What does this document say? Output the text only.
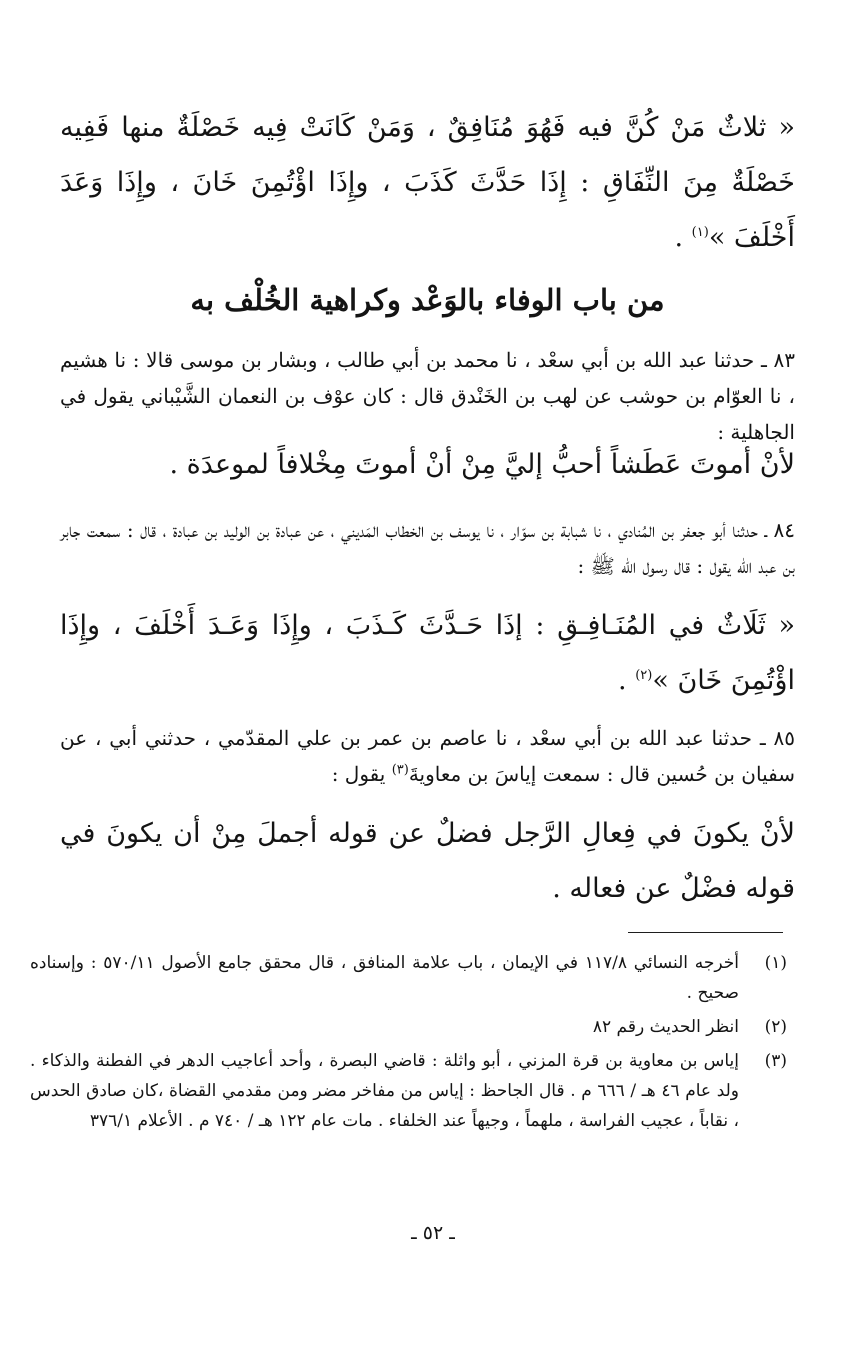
« ثلاثٌ مَنْ كُنَّ فيه فَهُوَ مُنَافِقٌ ، وَمَنْ كَانَتْ فِيه خَصْلَةٌ منها فَفِيه خَصْلَةٌ مِنَ النِّفَاقِ : إِذَا حَدَّثَ كَذَبَ ، وإِذَا اؤْتُمِنَ خَانَ ، وإِذَا وَعَدَ أَخْلَفَ »$^{(١)}$ .

من باب الوفاء بالوَعْد وكراهية الخُلْف به

٨٣ ـ حدثنا عبد الله بن أبي سعْد ، نا محمد بن أبي طالب ، وبشار بن موسى قالا : نا هشيم ، نا العوّام بن حوشب عن لهب بن الخَنْدق قال : كان عوْف بن النعمان الشَّيْباني يقول في الجاهلية :

لأنْ أموتَ عَطَشاً أحبُّ إليَّ مِنْ أنْ أموتَ مِخْلافاً لموعدَة .

٨٤ ـ حدثنا أبو جعفر بن المُنادي ، نا شبابة بن سوّار ، نا يوسف بن الخطاب المَديني ، عن عبادة بن الوليد بن عبادة ، قال : سمعت جابر بن عبد الله يقول : قال رسول الله ﷺ :

« ثَلَاثٌ في المُنَـافِـقِ : إذَا حَـدَّثَ كَـذَبَ ، وإِذَا وَعَـدَ أَخْلَفَ ، وإِذَا اؤْتُمِنَ خَانَ »$^{(٢)}$ .

٨٥ ـ حدثنا عبد الله بن أبي سعْد ، نا عاصم بن عمر بن علي المقدّمي ، حدثني أبي ، عن سفيان بن حُسين قال : سمعت إياسَ بن معاويةَ$^{(٣)}$ يقول :

لأنْ يكونَ في فِعالِ الرَّجل فضلٌ عن قوله أجملَ مِنْ أن يكونَ في قوله فضْلٌ عن فعاله .

(١)
أخرجه النسائي ١١٧/٨ في الإيمان ، باب علامة المنافق ، قال محقق جامع الأصول ٥٧٠/١١ : وإسناده صحيح .
(٢)
انظر الحديث رقم ٨٢
(٣)
إياس بن معاوية بن قرة المزني ، أبو واثلة : قاضي البصرة ، وأحد أعاجيب الدهر في الفطنة والذكاء . ولد عام ٤٦ هـ / ٦٦٦ م . قال الجاحظ : إياس من مفاخر مضر ومن مقدمي القضاة ،كان صادق الحدس ، نقاباً ، عجيب الفراسة ، ملهماً ، وجيهاً عند الخلفاء . مات عام ١٢٢ هـ / ٧٤٠ م . الأعلام ٣٧٦/١
ـ ٥٢ ـ
